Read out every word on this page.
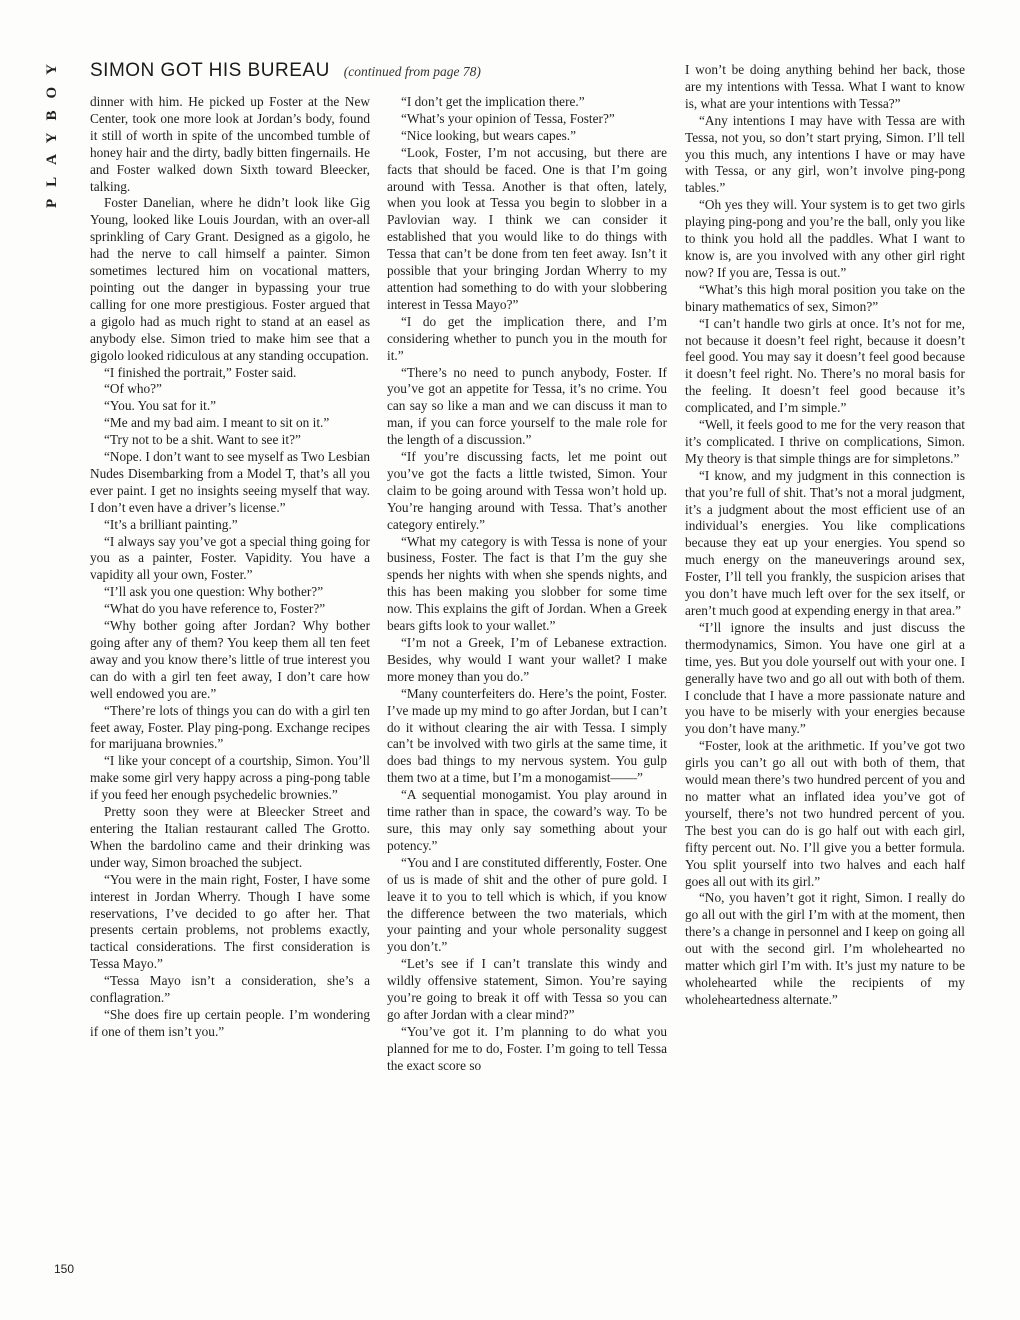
PLAYBOY	SIMON GOT HIS BUREAU (continued from page 78)

dinner with him. He picked up Foster at the New Center, took one more look at Jordan’s body, found it still of worth in spite of the uncombed tumble of honey hair and the dirty, badly bitten fingernails. He and Foster walked down Sixth toward Bleecker, talking.

Foster Danelian, where he didn’t look like Gig Young, looked like Louis Jourdan, with an over-all sprinkling of Cary Grant. Designed as a gigolo, he had the nerve to call himself a painter. Simon sometimes lectured him on vocational matters, pointing out the danger in bypassing your true calling for one more prestigious. Foster argued that a gigolo had as much right to stand at an easel as anybody else. Simon tried to make him see that a gigolo looked ridiculous at any standing occupation.

“I finished the portrait,” Foster said.

“Of who?”

“You. You sat for it.”

“Me and my bad aim. I meant to sit on it.”

“Try not to be a shit. Want to see it?”

“Nope. I don’t want to see myself as Two Lesbian Nudes Disembarking from a Model T, that’s all you ever paint. I get no insights seeing myself that way. I don’t even have a driver’s license.”

“It’s a brilliant painting.”

“I always say you’ve got a special thing going for you as a painter, Foster. Vapidity. You have a vapidity all your own, Foster.”

“I’ll ask you one question: Why bother?”

“What do you have reference to, Foster?”

“Why bother going after Jordan? Why bother going after any of them? You keep them all ten feet away and you know there’s little of true interest you can do with a girl ten feet away, I don’t care how well endowed you are.”

“There’re lots of things you can do with a girl ten feet away, Foster. Play ping-pong. Exchange recipes for marijuana brownies.”

“I like your concept of a courtship, Simon. You’ll make some girl very happy across a ping-pong table if you feed her enough psychedelic brownies.”

Pretty soon they were at Bleecker Street and entering the Italian restaurant called The Grotto. When the bardolino came and their drinking was under way, Simon broached the subject.

“You were in the main right, Foster, I have some interest in Jordan Wherry. Though I have some reservations, I’ve decided to go after her. That presents certain problems, not problems exactly, tactical considerations. The first consideration is Tessa Mayo.”

“Tessa Mayo isn’t a consideration, she’s a conflagration.”

“She does fire up certain people. I’m wondering if one of them isn’t you.”

“I don’t get the implication there.”

“What’s your opinion of Tessa, Foster?”

“Nice looking, but wears capes.”

“Look, Foster, I’m not accusing, but there are facts that should be faced. One is that I’m going around with Tessa. Another is that often, lately, when you look at Tessa you begin to slobber in a Pavlovian way. I think we can consider it established that you would like to do things with Tessa that can’t be done from ten feet away. Isn’t it possible that your bringing Jordan Wherry to my attention had something to do with your slobbering interest in Tessa Mayo?”

“I do get the implication there, and I’m considering whether to punch you in the mouth for it.”

“There’s no need to punch anybody, Foster. If you’ve got an appetite for Tessa, it’s no crime. You can say so like a man and we can discuss it man to man, if you can force yourself to the male role for the length of a discussion.”

“If you’re discussing facts, let me point out you’ve got the facts a little twisted, Simon. Your claim to be going around with Tessa won’t hold up. You’re hanging around with Tessa. That’s another category entirely.”

“What my category is with Tessa is none of your business, Foster. The fact is that I’m the guy she spends her nights with when she spends nights, and this has been making you slobber for some time now. This explains the gift of Jordan. When a Greek bears gifts look to your wallet.”

“I’m not a Greek, I’m of Lebanese extraction. Besides, why would I want your wallet? I make more money than you do.”

“Many counterfeiters do. Here’s the point, Foster. I’ve made up my mind to go after Jordan, but I can’t do it without clearing the air with Tessa. I simply can’t be involved with two girls at the same time, it does bad things to my nervous system. You gulp them two at a time, but I’m a monogamist——”

“A sequential monogamist. You play around in time rather than in space, the coward’s way. To be sure, this may only say something about your potency.”

“You and I are constituted differently, Foster. One of us is made of shit and the other of pure gold. I leave it to you to tell which is which, if you know the difference between the two materials, which your painting and your whole personality suggest you don’t.”

“Let’s see if I can’t translate this windy and wildly offensive statement, Simon. You’re saying you’re going to break it off with Tessa so you can go after Jordan with a clear mind?”

“You’ve got it. I’m planning to do what you planned for me to do, Foster. I’m going to tell Tessa the exact score so

I won’t be doing anything behind her back, those are my intentions with Tessa. What I want to know is, what are your intentions with Tessa?”

“Any intentions I may have with Tessa are with Tessa, not you, so don’t start prying, Simon. I’ll tell you this much, any intentions I have or may have with Tessa, or any girl, won’t involve ping-pong tables.”

“Oh yes they will. Your system is to get two girls playing ping-pong and you’re the ball, only you like to think you hold all the paddles. What I want to know is, are you involved with any other girl right now? If you are, Tessa is out.”

“What’s this high moral position you take on the binary mathematics of sex, Simon?”

“I can’t handle two girls at once. It’s not for me, not because it doesn’t feel right, because it doesn’t feel good. You may say it doesn’t feel good because it doesn’t feel right. No. There’s no moral basis for the feeling. It doesn’t feel good because it’s complicated, and I’m simple.”

“Well, it feels good to me for the very reason that it’s complicated. I thrive on complications, Simon. My theory is that simple things are for simpletons.”

“I know, and my judgment in this connection is that you’re full of shit. That’s not a moral judgment, it’s a judgment about the most efficient use of an individual’s energies. You like complications because they eat up your energies. You spend so much energy on the maneuverings around sex, Foster, I’ll tell you frankly, the suspicion arises that you don’t have much left over for the sex itself, or aren’t much good at expending energy in that area.”

“I’ll ignore the insults and just discuss the thermodynamics, Simon. You have one girl at a time, yes. But you dole yourself out with your one. I generally have two and go all out with both of them. I conclude that I have a more passionate nature and you have to be miserly with your energies because you don’t have many.”

“Foster, look at the arithmetic. If you’ve got two girls you can’t go all out with both of them, that would mean there’s two hundred percent of you and no matter what an inflated idea you’ve got of yourself, there’s not two hundred percent of you. The best you can do is go half out with each girl, fifty percent out. No. I’ll give you a better formula. You split yourself into two halves and each half goes all out with its girl.”

“No, you haven’t got it right, Simon. I really do go all out with the girl I’m with at the moment, then there’s a change in personnel and I keep on going all out with the second girl. I’m wholehearted no matter which girl I’m with. It’s just my nature to be wholehearted while the recipients of my wholeheartedness alternate.”

150
